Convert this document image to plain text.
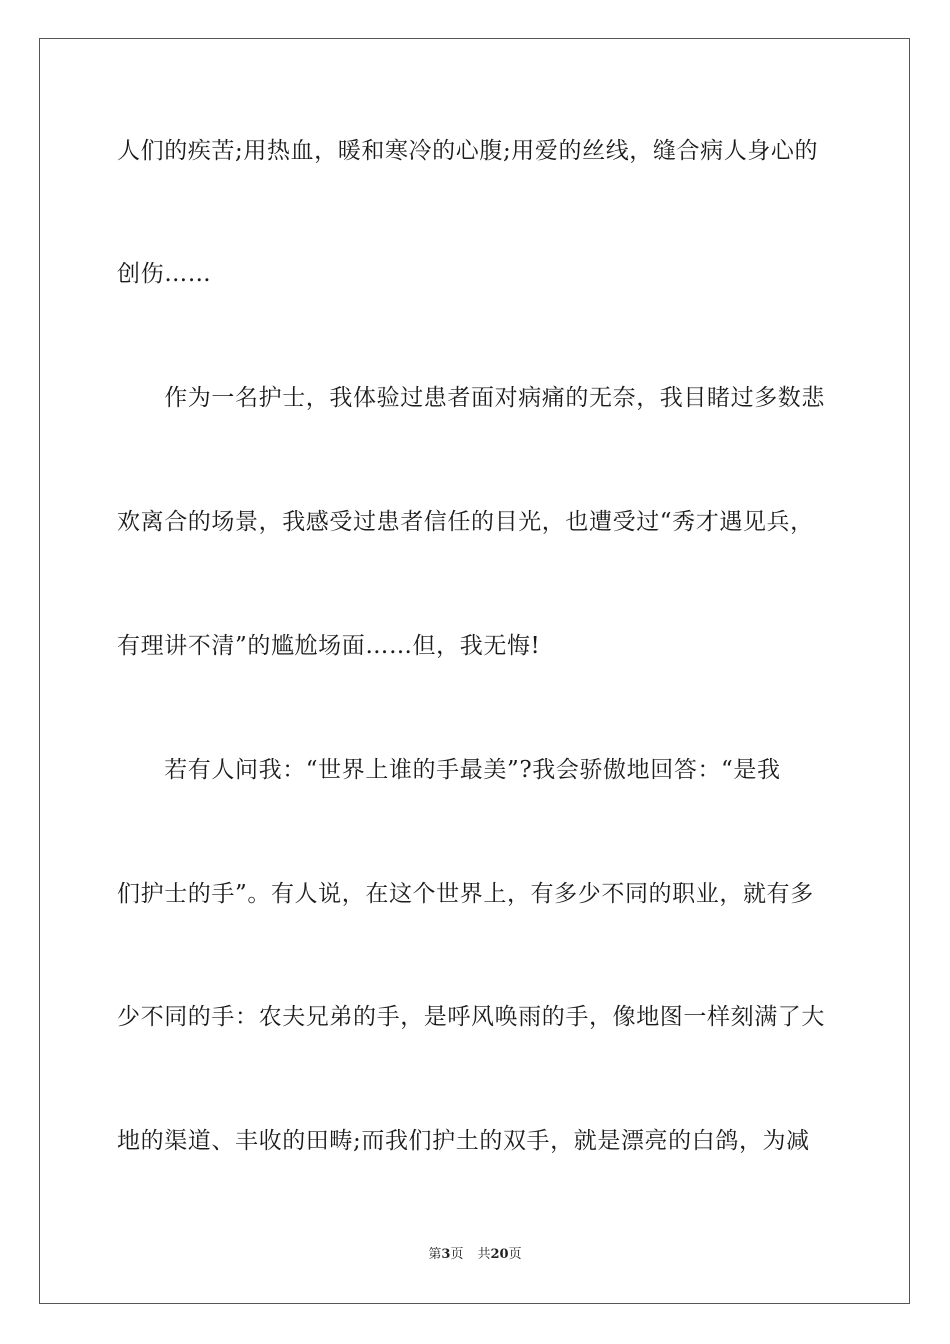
人们的疾苦;用热血，暖和寒冷的心腹;用爱的丝线，缝合病人身心的
创伤……
　　作为一名护士，我体验过患者面对病痛的无奈，我目睹过多数悲
欢离合的场景，我感受过患者信任的目光，也遭受过“秀才遇见兵，
有理讲不清”的尴尬场面……但，我无悔!
　　若有人问我：“世界上谁的手最美”?我会骄傲地回答：“是我
们护士的手”。有人说，在这个世界上，有多少不同的职业，就有多
少不同的手：农夫兄弟的手，是呼风唤雨的手，像地图一样刻满了大
地的渠道、丰收的田畴;而我们护土的双手，就是漂亮的白鸽，为减
第3页 共20页
